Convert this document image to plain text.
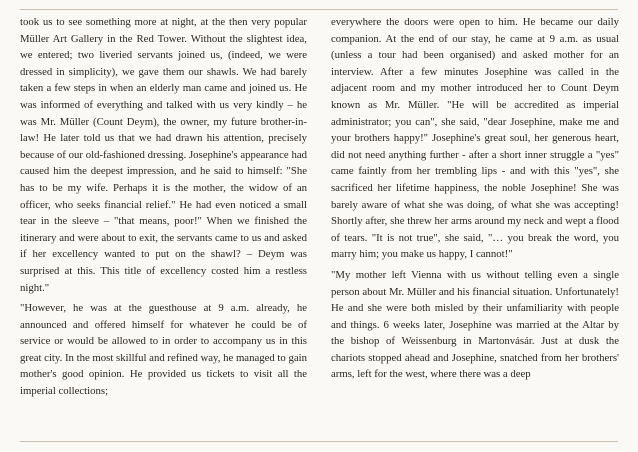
took us to see something more at night, at the then very popular Müller Art Gallery in the Red Tower. Without the slightest idea, we entered; two liveried servants joined us, (indeed, we were dressed in simplicity), we gave them our shawls. We had barely taken a few steps in when an elderly man came and joined us. He was informed of everything and talked with us very kindly – he was Mr. Müller (Count Deym), the owner, my future brother-in-law! He later told us that we had drawn his attention, precisely because of our old-fashioned dressing. Josephine's appearance had caused him the deepest impression, and he said to himself: "She has to be my wife. Perhaps it is the mother, the widow of an officer, who seeks financial relief." He had even noticed a small tear in the sleeve – "that means, poor!" When we finished the itinerary and were about to exit, the servants came to us and asked if her excellency wanted to put on the shawl? – Deym was surprised at this. This title of excellency costed him a restless night."

"However, he was at the guesthouse at 9 a.m. already, he announced and offered himself for whatever he could be of service or would be allowed to in order to accompany us in this great city. In the most skillful and refined way, he managed to gain mother's good opinion. He provided us tickets to visit all the imperial collections;

everywhere the doors were open to him. He became our daily companion. At the end of our stay, he came at 9 a.m. as usual (unless a tour had been organised) and asked mother for an interview. After a few minutes Josephine was called in the adjacent room and my mother introduced her to Count Deym known as Mr. Müller. "He will be accredited as imperial administrator; you can", she said, "dear Josephine, make me and your brothers happy!" Josephine's great soul, her generous heart, did not need anything further - after a short inner struggle a "yes" came faintly from her trembling lips - and with this "yes", she sacrificed her lifetime happiness, the noble Josephine! She was barely aware of what she was doing, of what she was accepting! Shortly after, she threw her arms around my neck and wept a flood of tears. "It is not true", she said, "… you break the word, you marry him; you make us happy, I cannot!"

"My mother left Vienna with us without telling even a single person about Mr. Müller and his financial situation. Unfortunately! He and she were both misled by their unfamiliarity with people and things. 6 weeks later, Josephine was married at the Altar by the bishop of Weissenburg in Martonvásár. Just at dusk the chariots stopped ahead and Josephine, snatched from her brothers' arms, left for the west, where there was a deep
